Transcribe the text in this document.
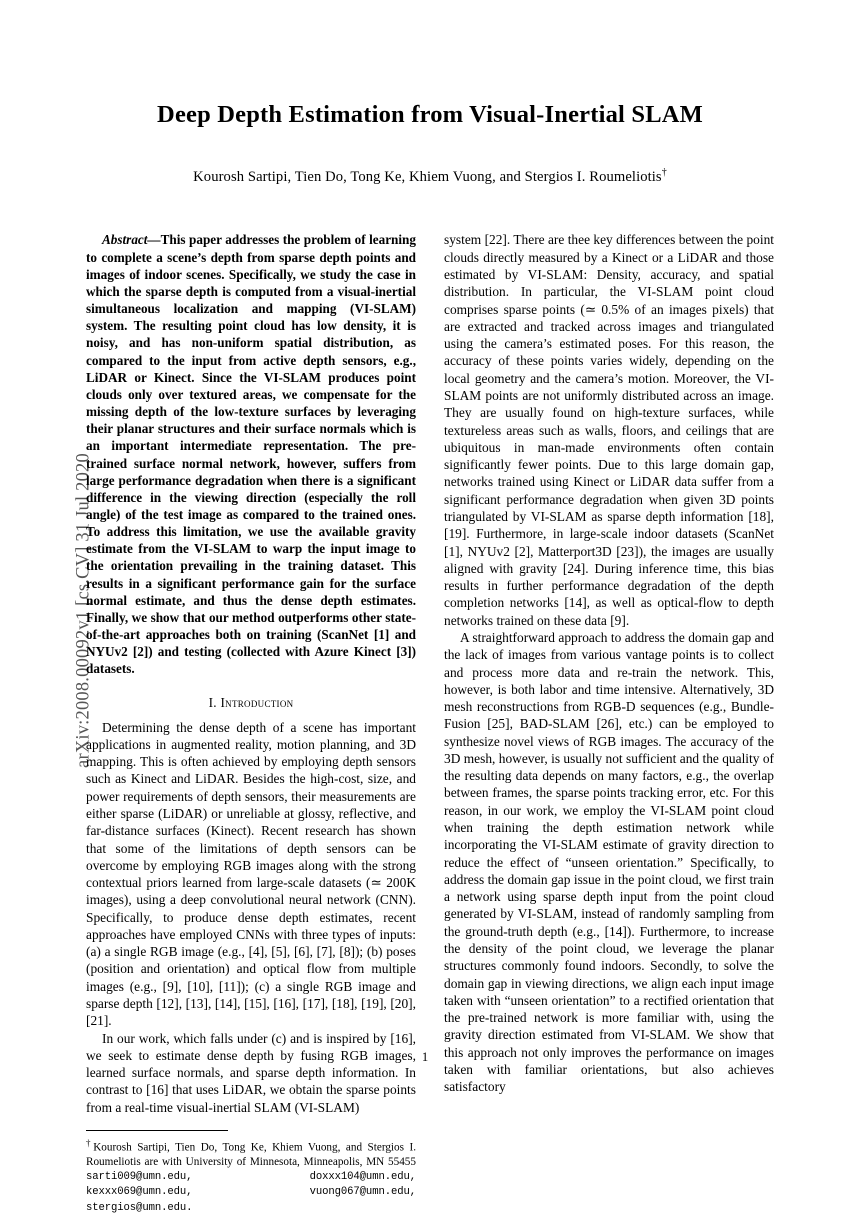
arXiv:2008.00092v1 [cs.CV] 31 Jul 2020
Deep Depth Estimation from Visual-Inertial SLAM
Kourosh Sartipi, Tien Do, Tong Ke, Khiem Vuong, and Stergios I. Roumeliotis†

Abstract—This paper addresses the problem of learning to complete a scene’s depth from sparse depth points and images of indoor scenes. Specifically, we study the case in which the sparse depth is computed from a visual-inertial simultaneous localization and mapping (VI-SLAM) system. The resulting point cloud has low density, it is noisy, and has non-uniform spatial distribution, as compared to the input from active depth sensors, e.g., LiDAR or Kinect. Since the VI-SLAM produces point clouds only over textured areas, we compensate for the missing depth of the low-texture surfaces by leveraging their planar structures and their surface normals which is an important intermediate representation. The pre-trained surface normal network, however, suffers from large performance degradation when there is a significant difference in the viewing direction (especially the roll angle) of the test image as compared to the trained ones. To address this limitation, we use the available gravity estimate from the VI-SLAM to warp the input image to the orientation prevailing in the training dataset. This results in a significant performance gain for the surface normal estimate, and thus the dense depth estimates. Finally, we show that our method outperforms other state-of-the-art approaches both on training (ScanNet [1] and NYUv2 [2]) and testing (collected with Azure Kinect [3]) datasets.

I. Introduction

Determining the dense depth of a scene has important applications in augmented reality, motion planning, and 3D mapping. This is often achieved by employing depth sensors such as Kinect and LiDAR. Besides the high-cost, size, and power requirements of depth sensors, their measurements are either sparse (LiDAR) or unreliable at glossy, reflective, and far-distance surfaces (Kinect). Recent research has shown that some of the limitations of depth sensors can be overcome by employing RGB images along with the strong contextual priors learned from large-scale datasets (≃ 200K images), using a deep convolutional neural network (CNN). Specifically, to produce dense depth estimates, recent approaches have employed CNNs with three types of inputs: (a) a single RGB image (e.g., [4], [5], [6], [7], [8]); (b) poses (position and orientation) and optical flow from multiple images (e.g., [9], [10], [11]); (c) a single RGB image and sparse depth [12], [13], [14], [15], [16], [17], [18], [19], [20], [21].

In our work, which falls under (c) and is inspired by [16], we seek to estimate dense depth by fusing RGB images, learned surface normals, and sparse depth information. In contrast to [16] that uses LiDAR, we obtain the sparse points from a real-time visual-inertial SLAM (VI-SLAM)

†Kourosh Sartipi, Tien Do, Tong Ke, Khiem Vuong, and Stergios I. Roumeliotis are with University of Minnesota, Minneapolis, MN 55455 sarti009@umn.edu, doxxx104@umn.edu, kexxx069@umn.edu, vuong067@umn.edu, stergios@umn.edu.

system [22]. There are thee key differences between the point clouds directly measured by a Kinect or a LiDAR and those estimated by VI-SLAM: Density, accuracy, and spatial distribution. In particular, the VI-SLAM point cloud comprises sparse points (≃ 0.5% of an images pixels) that are extracted and tracked across images and triangulated using the camera’s estimated poses. For this reason, the accuracy of these points varies widely, depending on the local geometry and the camera’s motion. Moreover, the VI-SLAM points are not uniformly distributed across an image. They are usually found on high-texture surfaces, while textureless areas such as walls, floors, and ceilings that are ubiquitous in man-made environments often contain significantly fewer points. Due to this large domain gap, networks trained using Kinect or LiDAR data suffer from a significant performance degradation when given 3D points triangulated by VI-SLAM as sparse depth information [18], [19]. Furthermore, in large-scale indoor datasets (ScanNet [1], NYUv2 [2], Matterport3D [23]), the images are usually aligned with gravity [24]. During inference time, this bias results in further performance degradation of the depth completion networks [14], as well as optical-flow to depth networks trained on these data [9].

A straightforward approach to address the domain gap and the lack of images from various vantage points is to collect and process more data and re-train the network. This, however, is both labor and time intensive. Alternatively, 3D mesh reconstructions from RGB-D sequences (e.g., Bundle-Fusion [25], BAD-SLAM [26], etc.) can be employed to synthesize novel views of RGB images. The accuracy of the 3D mesh, however, is usually not sufficient and the quality of the resulting data depends on many factors, e.g., the overlap between frames, the sparse points tracking error, etc. For this reason, in our work, we employ the VI-SLAM point cloud when training the depth estimation network while incorporating the VI-SLAM estimate of gravity direction to reduce the effect of “unseen orientation.” Specifically, to address the domain gap issue in the point cloud, we first train a network using sparse depth input from the point cloud generated by VI-SLAM, instead of randomly sampling from the ground-truth depth (e.g., [14]). Furthermore, to increase the density of the point cloud, we leverage the planar structures commonly found indoors. Secondly, to solve the domain gap in viewing directions, we align each input image taken with “unseen orientation” to a rectified orientation that the pre-trained network is more familiar with, using the gravity direction estimated from VI-SLAM. We show that this approach not only improves the performance on images taken with familiar orientations, but also achieves satisfactory

1
